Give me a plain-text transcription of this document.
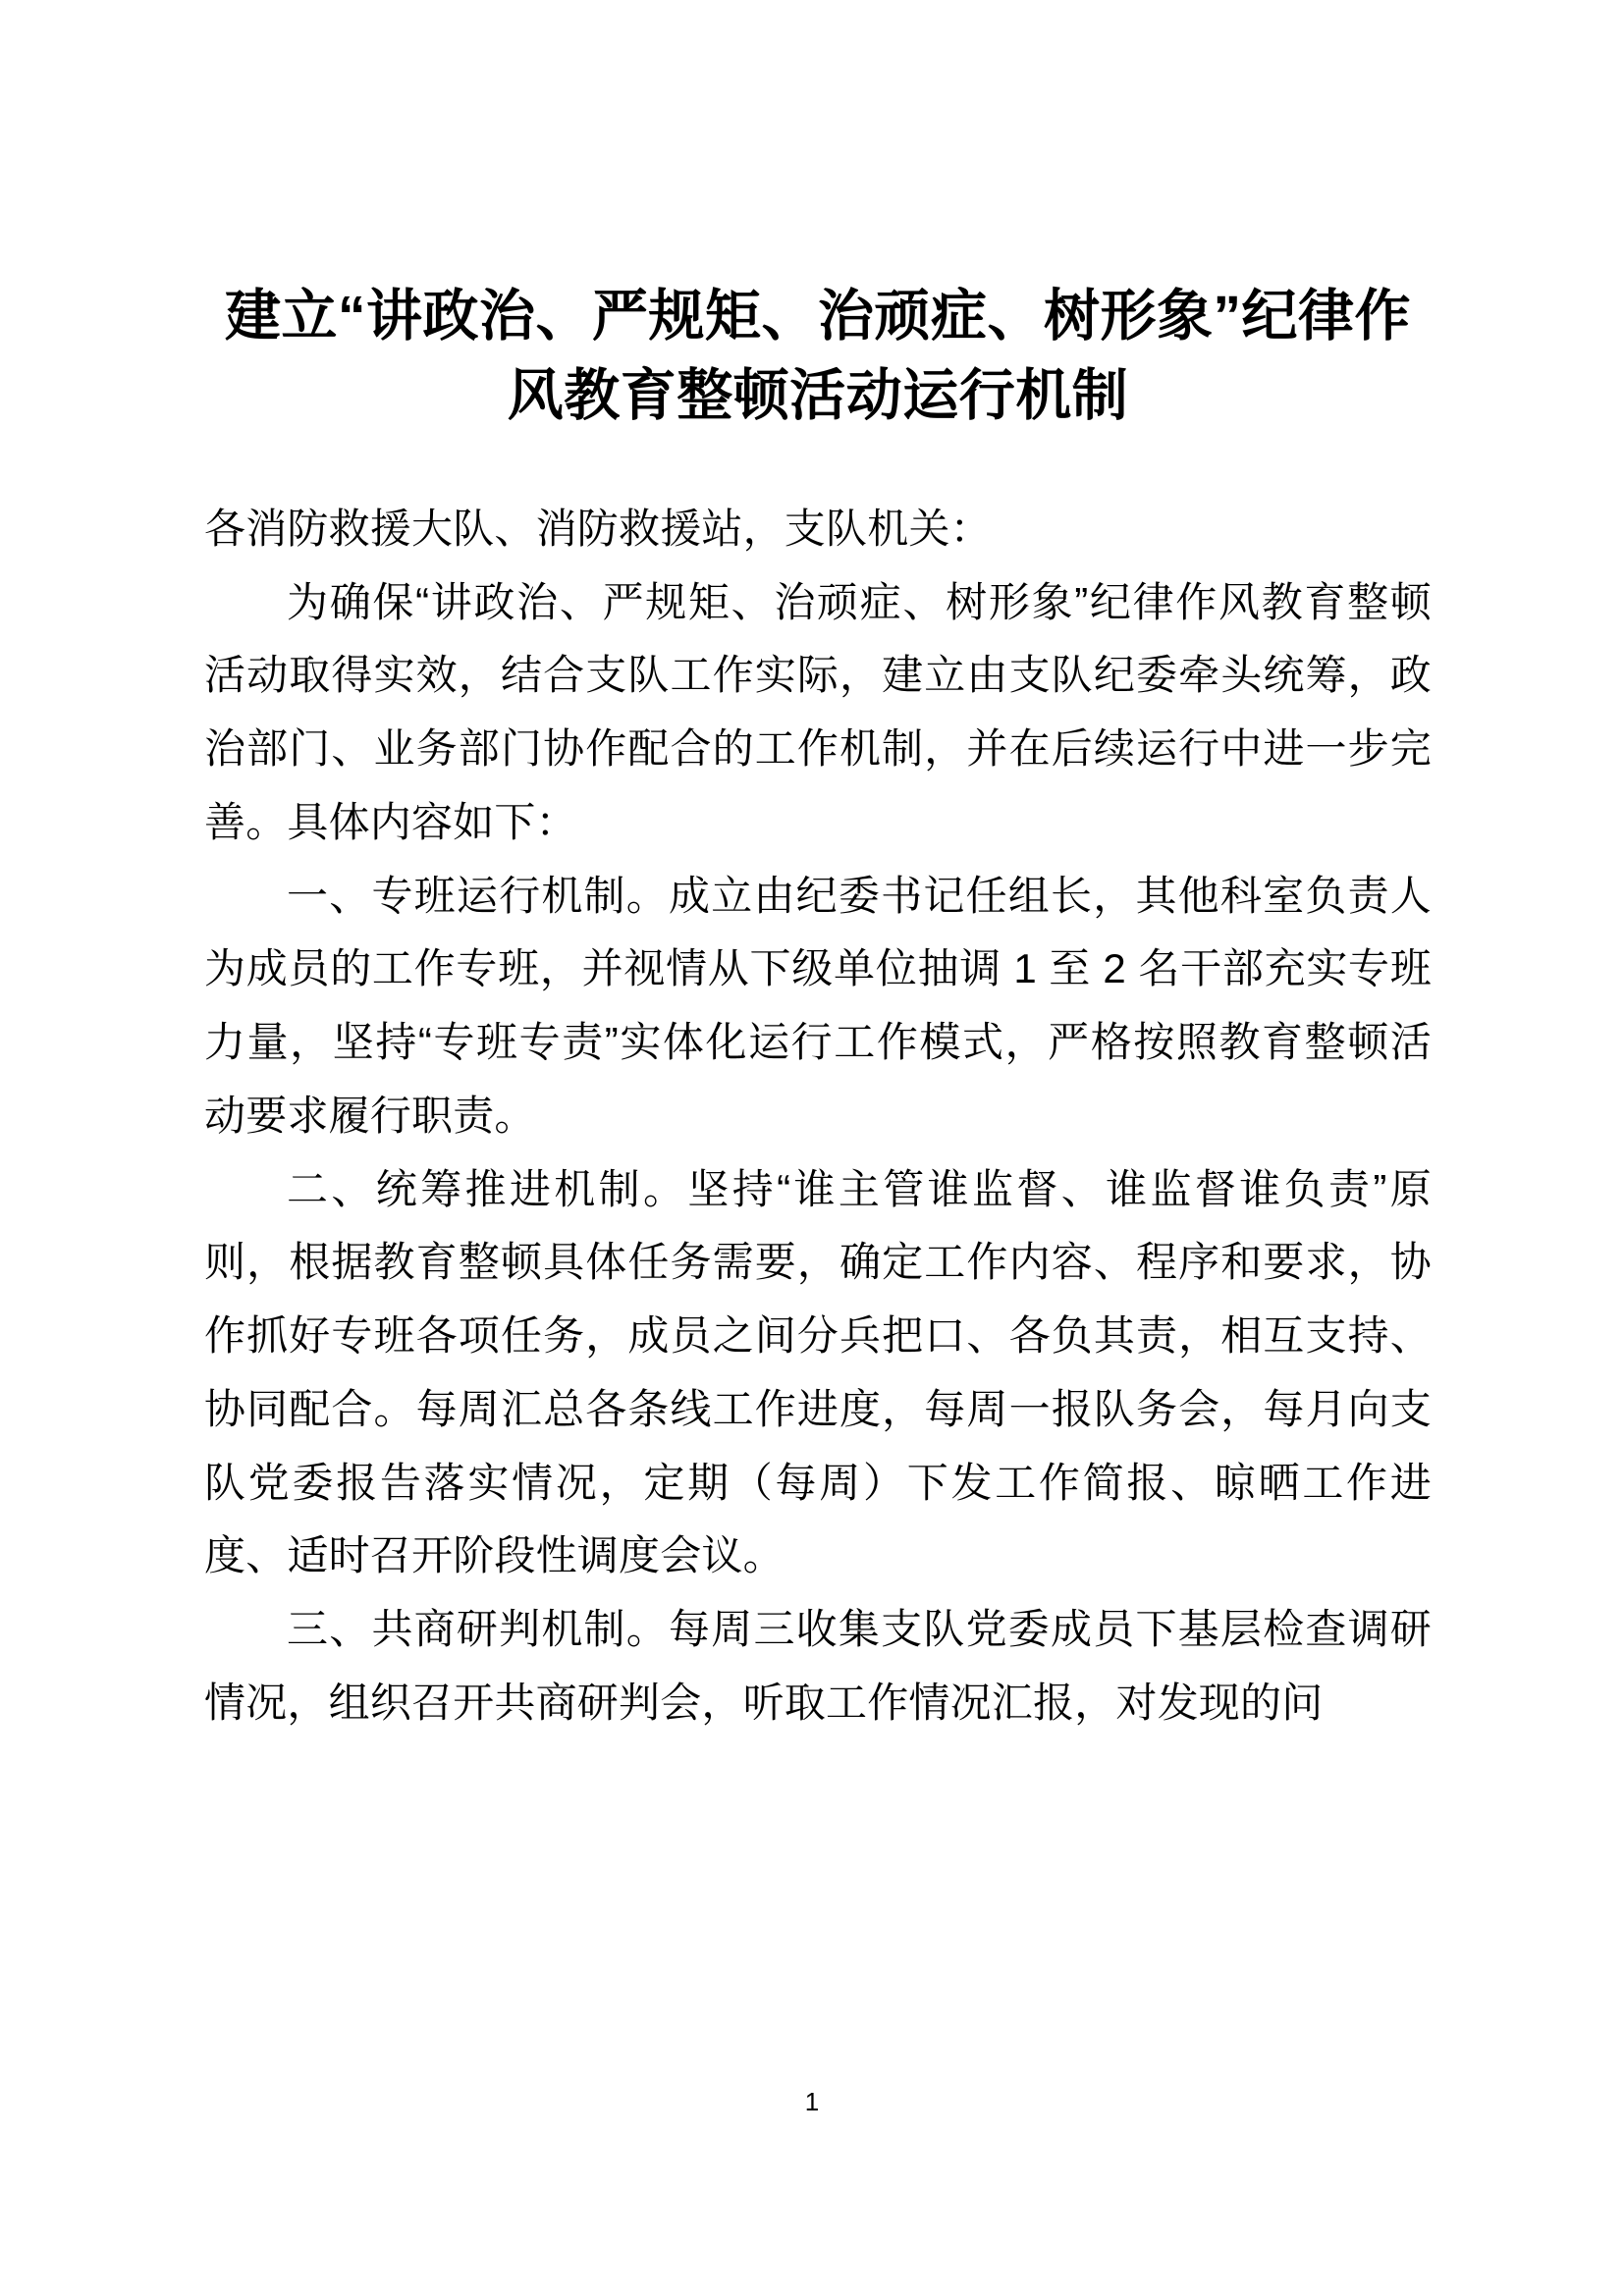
建立“讲政治、严规矩、治顽症、树形象”纪律作风教育整顿活动运行机制

各消防救援大队、消防救援站，支队机关：

为确保“讲政治、严规矩、治顽症、树形象”纪律作风教育整顿活动取得实效，结合支队工作实际，建立由支队纪委牵头统筹，政治部门、业务部门协作配合的工作机制，并在后续运行中进一步完善。具体内容如下：

一、专班运行机制。成立由纪委书记任组长，其他科室负责人为成员的工作专班，并视情从下级单位抽调 1 至 2 名干部充实专班力量，坚持“专班专责”实体化运行工作模式，严格按照教育整顿活动要求履行职责。

二、统筹推进机制。坚持“谁主管谁监督、谁监督谁负责”原则，根据教育整顿具体任务需要，确定工作内容、程序和要求，协作抓好专班各项任务，成员之间分兵把口、各负其责，相互支持、协同配合。每周汇总各条线工作进度，每周一报队务会，每月向支队党委报告落实情况，定期（每周）下发工作简报、晾晒工作进度、适时召开阶段性调度会议。

三、共商研判机制。每周三收集支队党委成员下基层检查调研情况，组织召开共商研判会，听取工作情况汇报，对发现的问

1
